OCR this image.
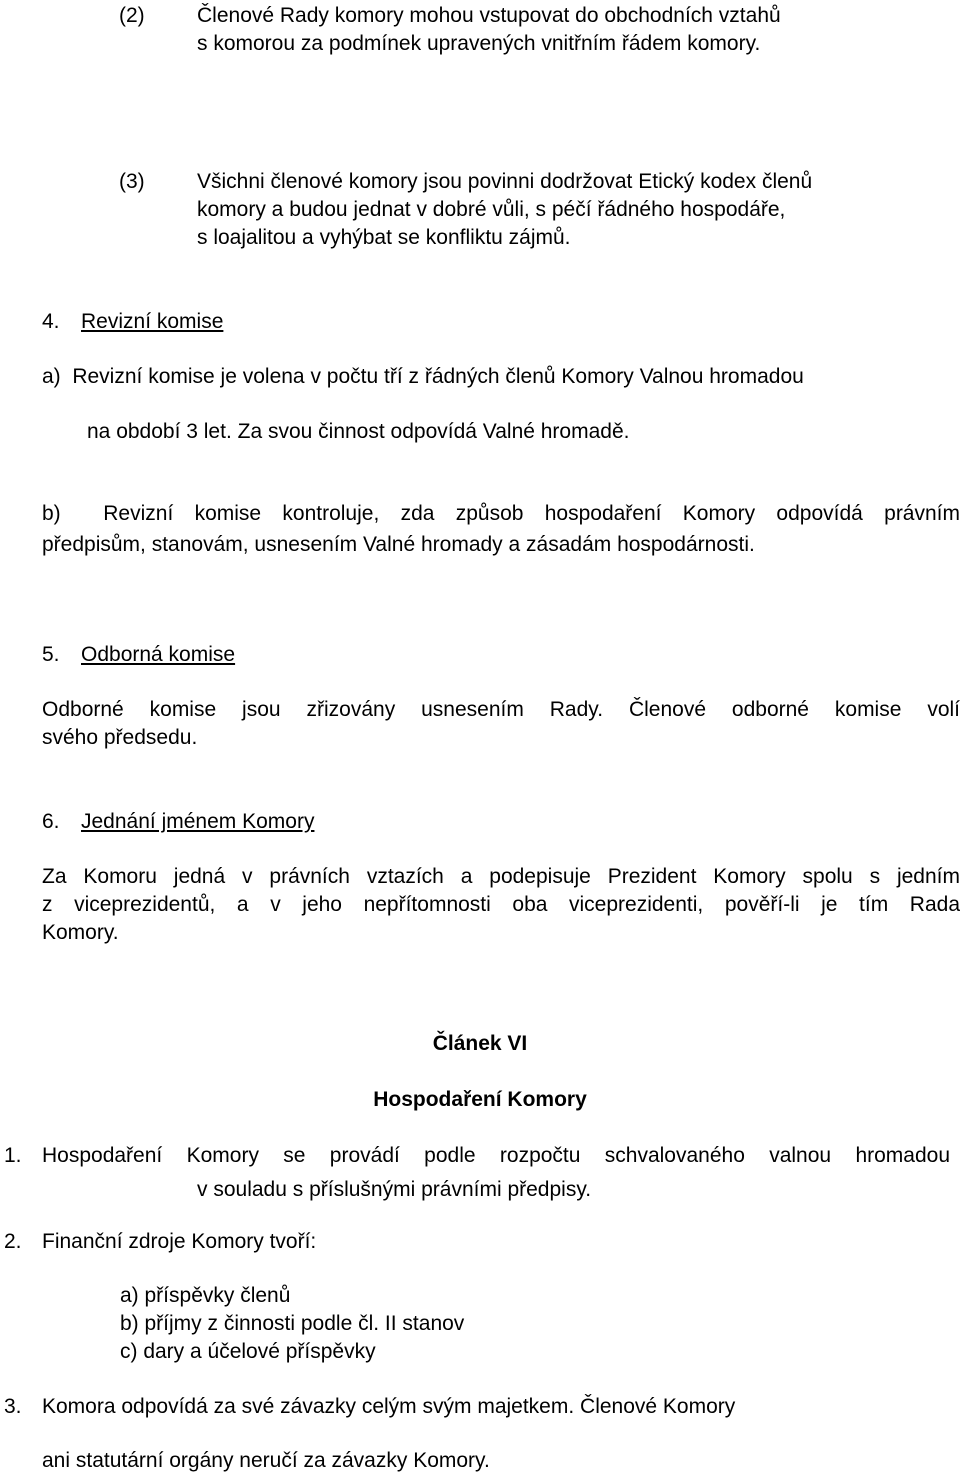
(2) Členové Rady komory mohou vstupovat do obchodních vztahů
s komorou za podmínek upravených vnitřním řádem komory.
(3) Všichni členové komory jsou povinni dodržovat Etický kodex členů
komory a budou jednat v dobré vůli, s péčí řádného hospodáře,
s loajalitou a vyhýbat se konfliktu zájmů.
4. Revizní komise
a)  Revizní komise je volena v počtu tří z řádných členů Komory Valnou hromadou
na období 3 let. Za svou činnost odpovídá Valné hromadě.
b)  Revizní komise kontroluje, zda způsob hospodaření Komory odpovídá právním
předpisům, stanovám, usnesením Valné hromady a zásadám hospodárnosti.
5. Odborná komise
Odborné komise jsou zřizovány usnesením Rady. Členové odborné komise volí
svého předsedu.
6. Jednání jménem Komory
Za Komoru jedná v právních vztazích a podepisuje Prezident Komory spolu s jedním
z viceprezidentů, a v jeho nepřítomnosti oba viceprezidenti, pověří-li je tím Rada
Komory.
Článek VI
Hospodaření Komory
1. Hospodaření Komory se provádí podle rozpočtu schvalovaného valnou hromadou
v souladu s příslušnými právními předpisy.
2. Finanční zdroje Komory tvoří:
a) příspěvky členů
b) příjmy z činnosti podle čl. II stanov
c) dary a účelové příspěvky
3. Komora odpovídá za své závazky celým svým majetkem. Členové Komory
ani statutární orgány neručí za závazky Komory.
